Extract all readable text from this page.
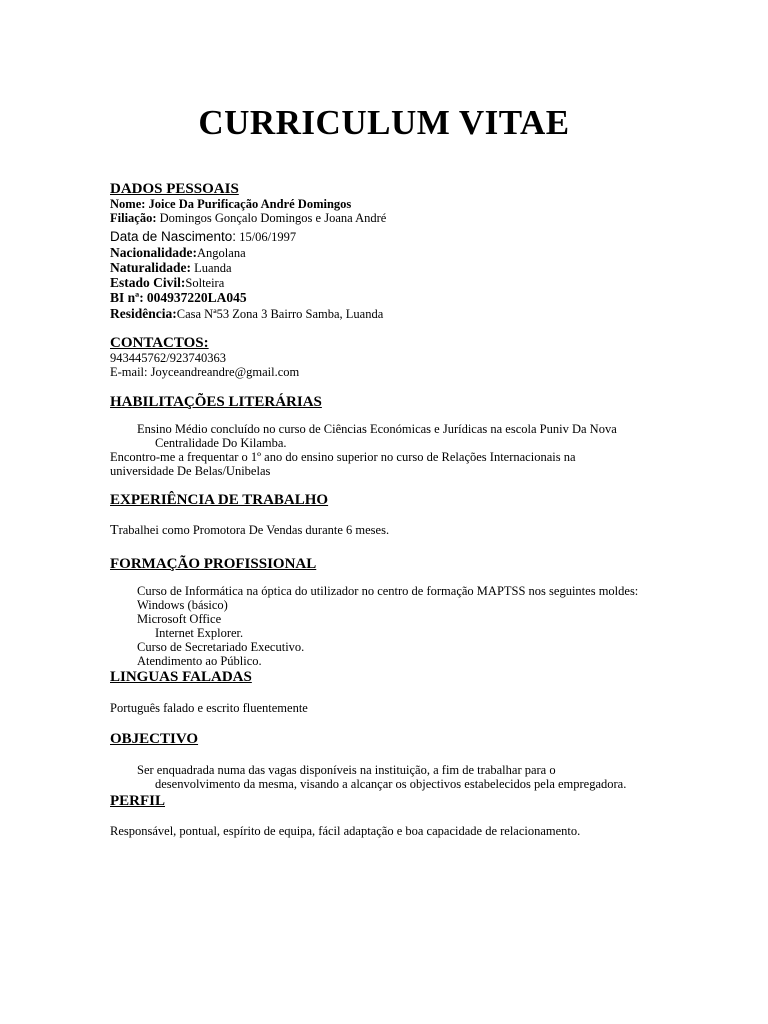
CURRICULUM VITAE
DADOS PESSOAIS
Nome: Joice Da Purificação André Domingos
Filiação: Domingos Gonçalo Domingos e Joana André
Data de Nascimento: 15/06/1997
Nacionalidade:Angolana
Naturalidade: Luanda
Estado Civil:Solteira
BI nª: 004937220LA045
Residência:Casa Nª53 Zona 3 Bairro Samba, Luanda
CONTACTOS:
943445762/923740363
E-mail: Joyceandreandre@gmail.com
HABILITAÇÕES LITERÁRIAS
Ensino Médio concluído no curso de Ciências Económicas e Jurídicas na escola Puniv Da Nova
Centralidade Do Kilamba.
Encontro-me a frequentar o 1º ano do ensino superior no curso de Relações Internacionais na
universidade De Belas/Unibelas
EXPERIÊNCIA DE TRABALHO
Trabalhei como Promotora De Vendas durante 6 meses.
FORMAÇÃO PROFISSIONAL
Curso de Informática na óptica do utilizador no centro de formação MAPTSS nos seguintes moldes:
Windows (básico)
Microsoft Office
Internet Explorer.
Curso de Secretariado Executivo.
Atendimento ao Público.
LINGUAS FALADAS
Português falado e escrito fluentemente
OBJECTIVO
Ser enquadrada numa das vagas disponíveis na instituição, a fim de trabalhar para o
desenvolvimento da mesma, visando a alcançar os objectivos estabelecidos pela empregadora.
PERFIL
Responsável, pontual, espírito de equipa, fácil adaptação e boa capacidade de relacionamento.
